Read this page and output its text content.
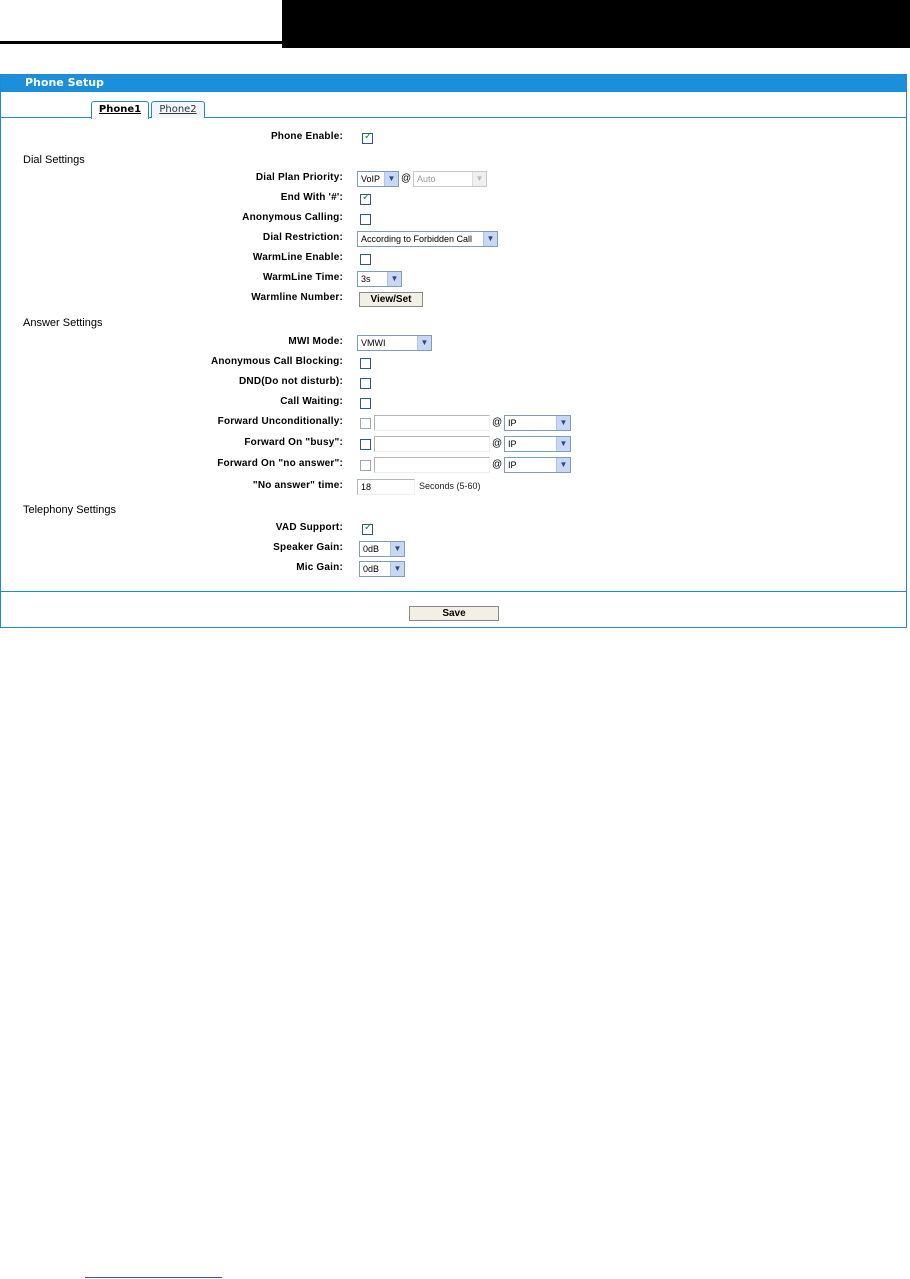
Phone Setup
Phone1	Phone2
Phone Enable: ✓
Dial Settings
Dial Plan Priority:	VoIP ▼ @ Auto	▼
End With '#': ✓
Anonymous Calling:
Dial Restriction:	According to Forbidden Call	▼
WarmLine Enable:
WarmLine Time:	3s	▼
Warmline Number:	View/Set
Answer Settings
MWI Mode:	VMWI	▼
Anonymous Call Blocking:
DND(Do not disturb):
Call Waiting:
Forward Unconditionally:	@ IP	▼
Forward On "busy":	@ IP	▼
Forward On "no answer":	@ IP	▼
"No answer" time:	18	Seconds (5-60)
Telephony Settings
VAD Support: ✓
Speaker Gain:	0dB	▼
Mic Gain:	0dB	▼
Save
